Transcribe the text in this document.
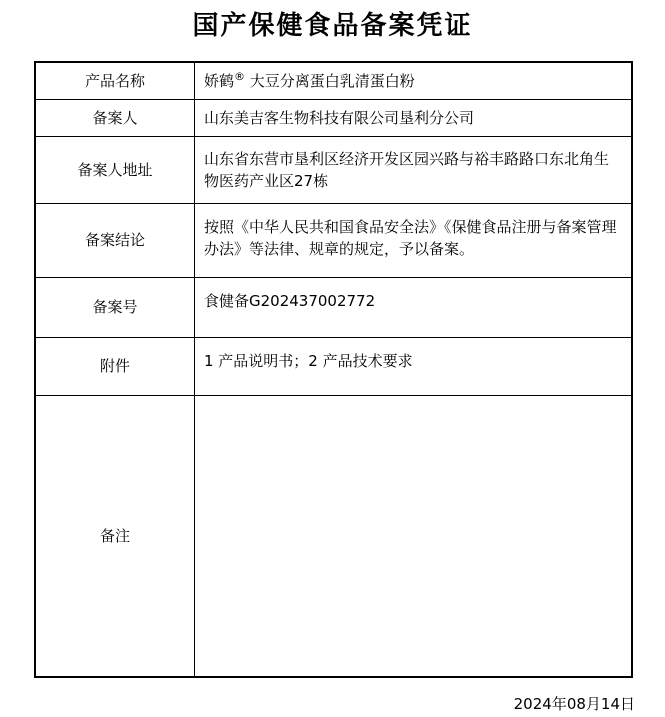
国产保健食品备案凭证
产品名称	娇鹤® 大豆分离蛋白乳清蛋白粉
备案人	山东美吉客生物科技有限公司垦利分公司
备案人地址	山东省东营市垦利区经济开发区园兴路与裕丰路路口东北角生物医药产业区27栋
备案结论	按照《中华人民共和国食品安全法》《保健食品注册与备案管理办法》等法律、规章的规定，予以备案。
备案号	食健备G202437002772
附件	1 产品说明书；2 产品技术要求
备注	
2024年08月14日
